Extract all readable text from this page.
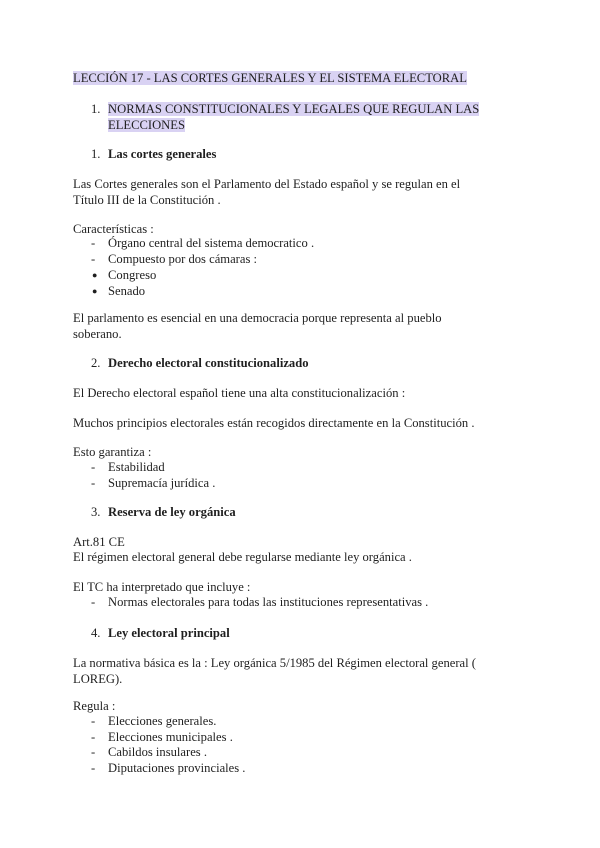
LECCIÓN 17 - LAS CORTES GENERALES Y EL SISTEMA ELECTORAL
1. NORMAS CONSTITUCIONALES Y LEGALES QUE REGULAN LAS
ELECCIONES
1. Las cortes generales
Las Cortes generales son el Parlamento del Estado español y se regulan en el
Título III de la Constitución .
Características :
-	Órgano central del sistema democratico .
-	Compuesto por dos cámaras :
● Congreso
● Senado
El parlamento es esencial en una democracia porque representa al pueblo
soberano.
2. Derecho electoral constitucionalizado
El Derecho electoral español tiene una alta constitucionalización :
Muchos principios electorales están recogidos directamente en la Constitución .
Esto garantiza :
-	Estabilidad
-	Supremacía jurídica .
3. Reserva de ley orgánica
Art.81 CE
El régimen electoral general debe regularse mediante ley orgánica .
El TC ha interpretado que incluye :
-	Normas electorales para todas las instituciones representativas .
4. Ley electoral principal
La normativa básica es la : Ley orgánica 5/1985 del Régimen electoral general (
LOREG).
Regula :
-	Elecciones generales.
-	Elecciones municipales .
-	Cabildos insulares .
-	Diputaciones provinciales .
